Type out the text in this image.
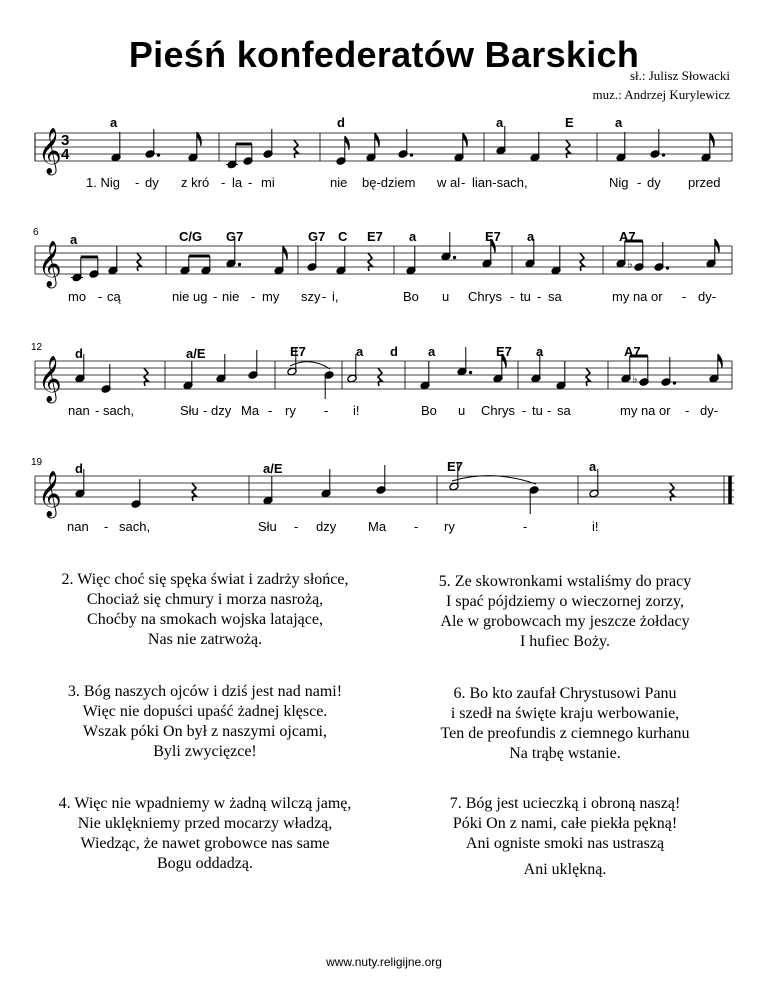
Pieśń konfederatów Barskich
sł.: Julisz Słowacki
muz.: Andrzej Kurylewicz
𝄞 3
4
a	d	a	E	a
1. Nig - dy z kró - la - mi	nie bę-dziem w al - lian-sach,	Nig - dy przed
6
𝄞	♭
a	C/G G7	G7 C E7 a	E7 a	A7
mo - cą	nie ug - nie - my szy - i,	Bo u Chrys - tu - sa	my na or - dy-
12
𝄞	♭
d	a/E	E7	a d a	E7 a	A7
nan - sach,	Słu - dzy Ma - ry - i!	Bo u Chrys - tu - sa	my na or - dy-
19
𝄞
d	a/E	E7	a
nan - sach,	Słu - dzy Ma - ry	-	i!
2. Więc choć się spęka świat i zadrży słońce,
Chociaż się chmury i morza nasrożą,
Choćby na smokach wojska latające,
Nas nie zatrwożą.
5. Ze skowronkami wstaliśmy do pracy
I spać pójdziemy o wieczornej zorzy,
Ale w grobowcach my jeszcze żołdacy
I hufiec Boży.
3. Bóg naszych ojców i dziś jest nad nami!
Więc nie dopuści upaść żadnej klęsce.
Wszak póki On był z naszymi ojcami,
Byli zwycięzce!
6. Bo kto zaufał Chrystusowi Panu
i szedł na święte kraju werbowanie,
Ten de preofundis z ciemnego kurhanu
Na trąbę wstanie.
4. Więc nie wpadniemy w żadną wilczą jamę,
Nie uklękniemy przed mocarzy władzą,
Wiedząc, że nawet grobowce nas same
Bogu oddadzą.
7. Bóg jest ucieczką i obroną naszą!
Póki On z nami, całe piekła pękną!
Ani ogniste smoki nas ustraszą
Ani uklękną.
www.nuty.religijne.org
